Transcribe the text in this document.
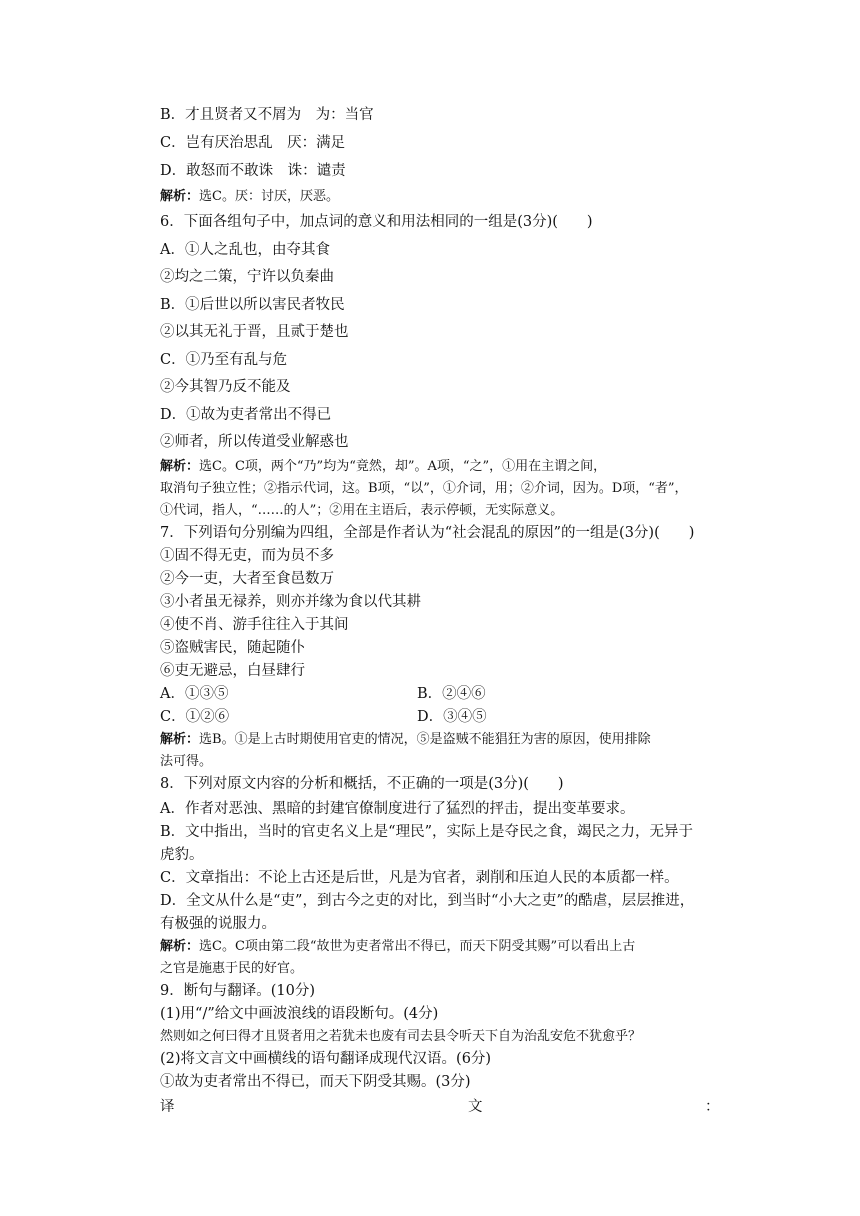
B．才且贤者又不屑为　为：当官
C．岂有厌治思乱　厌：满足
D．敢怒而不敢诛　诛：谴责
解析：选C。厌：讨厌，厌恶。
6．下面各组句子中，加点词的意义和用法相同的一组是(3分)(　　)
A．①人之乱也，由夺其食
②均之二策，宁许以负秦曲
B．①后世以所以害民者牧民
②以其无礼于晋，且贰于楚也
C．①乃至有乱与危
②今其智乃反不能及
D．①故为吏者常出不得已
②师者，所以传道受业解惑也
解析：选C。C项，两个“乃”均为“竟然，却”。A项，“之”，①用在主谓之间，
取消句子独立性；②指示代词，这。B项，“以”，①介词，用；②介词，因为。D项，“者”，
①代词，指人，“……的人”；②用在主语后，表示停顿，无实际意义。
7．下列语句分别编为四组，全部是作者认为“社会混乱的原因”的一组是(3分)(　　)
①固不得无吏，而为员不多
②今一吏，大者至食邑数万
③小者虽无禄养，则亦并缘为食以代其耕
④使不肖、游手往往入于其间
⑤盗贼害民，随起随仆
⑥吏无避忌，白昼肆行
A．①③⑤	B．②④⑥
C．①②⑥	D．③④⑤
解析：选B。①是上古时期使用官吏的情况，⑤是盗贼不能猖狂为害的原因，使用排除
法可得。
8．下列对原文内容的分析和概括，不正确的一项是(3分)(　　)
A．作者对恶浊、黑暗的封建官僚制度进行了猛烈的抨击，提出变革要求。
B．文中指出，当时的官吏名义上是“理民”，实际上是夺民之食，竭民之力，无异于
虎豹。
C．文章指出：不论上古还是后世，凡是为官者，剥削和压迫人民的本质都一样。
D．全文从什么是“吏”，到古今之吏的对比，到当时“小大之吏”的酷虐，层层推进，
有极强的说服力。
解析：选C。C项由第二段“故世为吏者常出不得已，而天下阴受其赐”可以看出上古
之官是施惠于民的好官。
9．断句与翻译。(10分)
(1)用“/”给文中画波浪线的语段断句。(4分)
然则如之何曰得才且贤者用之若犹未也废有司去县令听天下自为治乱安危不犹愈乎？
(2)将文言文中画横线的语句翻译成现代汉语。(6分)
①故为吏者常出不得已，而天下阴受其赐。(3分)
译	文	：
